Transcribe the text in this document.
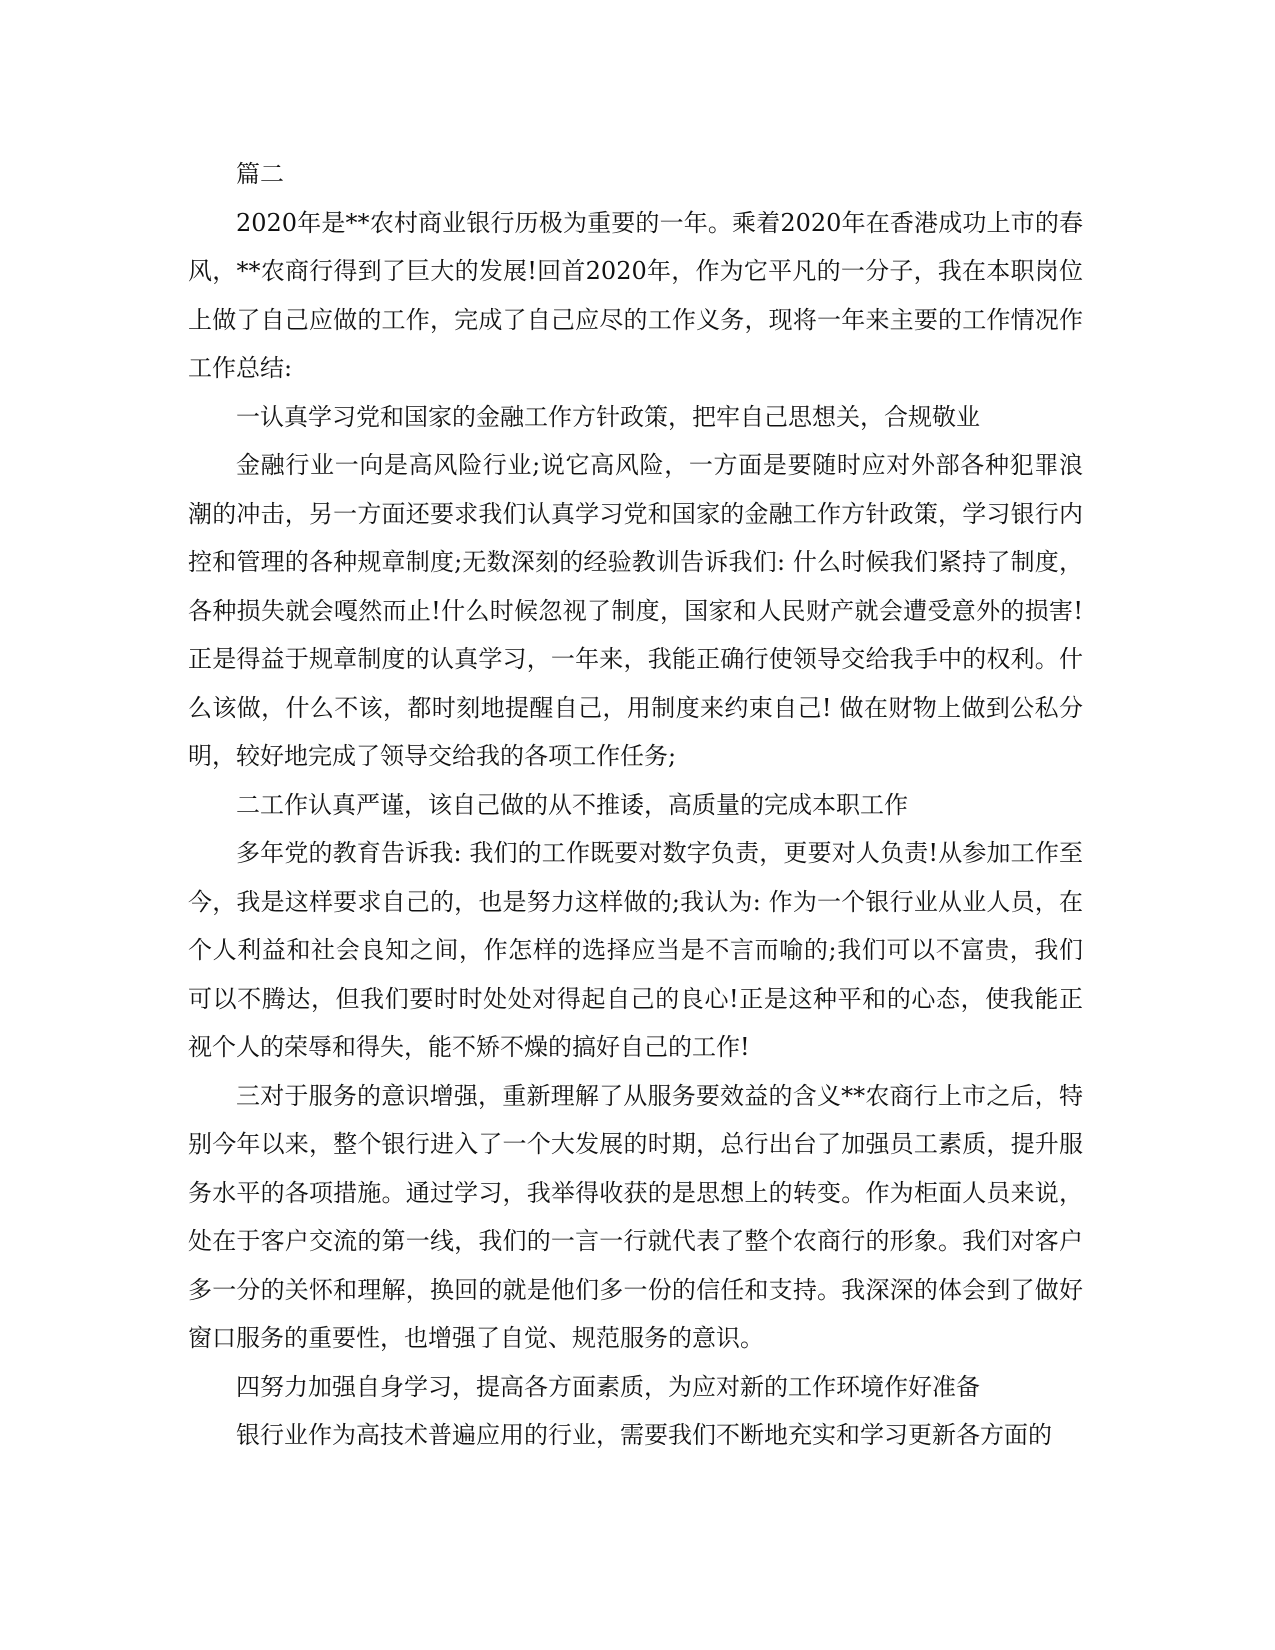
篇二

2020年是**农村商业银行历极为重要的一年。乘着2020年在香港成功上市的春风，**农商行得到了巨大的发展!回首2020年，作为它平凡的一分子，我在本职岗位上做了自己应做的工作，完成了自己应尽的工作义务，现将一年来主要的工作情况作工作总结:

一认真学习党和国家的金融工作方针政策，把牢自己思想关，合规敬业

金融行业一向是高风险行业;说它高风险，一方面是要随时应对外部各种犯罪浪潮的冲击，另一方面还要求我们认真学习党和国家的金融工作方针政策，学习银行内控和管理的各种规章制度;无数深刻的经验教训告诉我们: 什么时候我们紧持了制度，各种损失就会嘎然而止!什么时候忽视了制度，国家和人民财产就会遭受意外的损害!正是得益于规章制度的认真学习，一年来，我能正确行使领导交给我手中的权利。什么该做，什么不该，都时刻地提醒自己，用制度来约束自己! 做在财物上做到公私分明，较好地完成了领导交给我的各项工作任务;

二工作认真严谨，该自己做的从不推诿，高质量的完成本职工作

多年党的教育告诉我: 我们的工作既要对数字负责，更要对人负责!从参加工作至今，我是这样要求自己的，也是努力这样做的;我认为: 作为一个银行业从业人员，在个人利益和社会良知之间，作怎样的选择应当是不言而喻的;我们可以不富贵，我们可以不腾达，但我们要时时处处对得起自己的良心!正是这种平和的心态，使我能正视个人的荣辱和得失，能不矫不燥的搞好自己的工作!

三对于服务的意识增强，重新理解了从服务要效益的含义**农商行上市之后，特别今年以来，整个银行进入了一个大发展的时期，总行出台了加强员工素质，提升服务水平的各项措施。通过学习，我举得收获的是思想上的转变。作为柜面人员来说，处在于客户交流的第一线，我们的一言一行就代表了整个农商行的形象。我们对客户多一分的关怀和理解，换回的就是他们多一份的信任和支持。我深深的体会到了做好窗口服务的重要性，也增强了自觉、规范服务的意识。

四努力加强自身学习，提高各方面素质，为应对新的工作环境作好准备

银行业作为高技术普遍应用的行业，需要我们不断地充实和学习更新各方面的
